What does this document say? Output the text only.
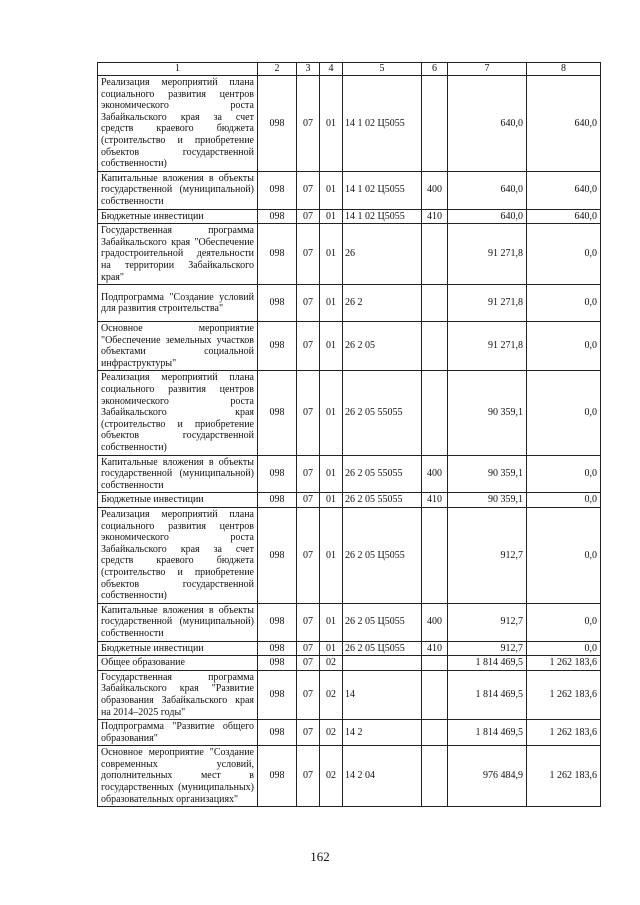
1	2	3	4	5	6	7	8
Реализация мероприятий плана социального развития центров экономического роста Забайкальского края за счет средств краевого бюджета (строительство и приобретение объектов государственной собственности)	098	07	01	14 1 02 Ц5055		640,0	640,0
Капитальные вложения в объекты государственной (муниципальной) собственности	098	07	01	14 1 02 Ц5055	400	640,0	640,0
Бюджетные инвестиции	098	07	01	14 1 02 Ц5055	410	640,0	640,0
Государственная программа Забайкальского края "Обеспечение градостроительной деятельности на территории Забайкальского края"	098	07	01	26		91 271,8	0,0
Подпрограмма "Создание условий для развития строительства"	098	07	01	26 2		91 271,8	0,0
Основное мероприятие "Обеспечение земельных участков объектами социальной инфраструктуры"	098	07	01	26 2 05		91 271,8	0,0
Реализация мероприятий плана социального развития центров экономического роста Забайкальского края (строительство и приобретение объектов государственной собственности)	098	07	01	26 2 05 55055		90 359,1	0,0
Капитальные вложения в объекты государственной (муниципальной) собственности	098	07	01	26 2 05 55055	400	90 359,1	0,0
Бюджетные инвестиции	098	07	01	26 2 05 55055	410	90 359,1	0,0
Реализация мероприятий плана социального развития центров экономического роста Забайкальского края за счет средств краевого бюджета (строительство и приобретение объектов государственной собственности)	098	07	01	26 2 05 Ц5055		912,7	0,0
Капитальные вложения в объекты государственной (муниципальной) собственности	098	07	01	26 2 05 Ц5055	400	912,7	0,0
Бюджетные инвестиции	098	07	01	26 2 05 Ц5055	410	912,7	0,0
Общее образование	098	07	02			1 814 469,5	1 262 183,6
Государственная программа Забайкальского края "Развитие образования Забайкальского края на 2014–2025 годы"	098	07	02	14		1 814 469,5	1 262 183,6
Подпрограмма "Развитие общего образования"	098	07	02	14 2		1 814 469,5	1 262 183,6
Основное мероприятие "Создание современных условий, дополнительных мест в государственных (муниципальных) образовательных организациях"	098	07	02	14 2 04		976 484,9	1 262 183,6
162
